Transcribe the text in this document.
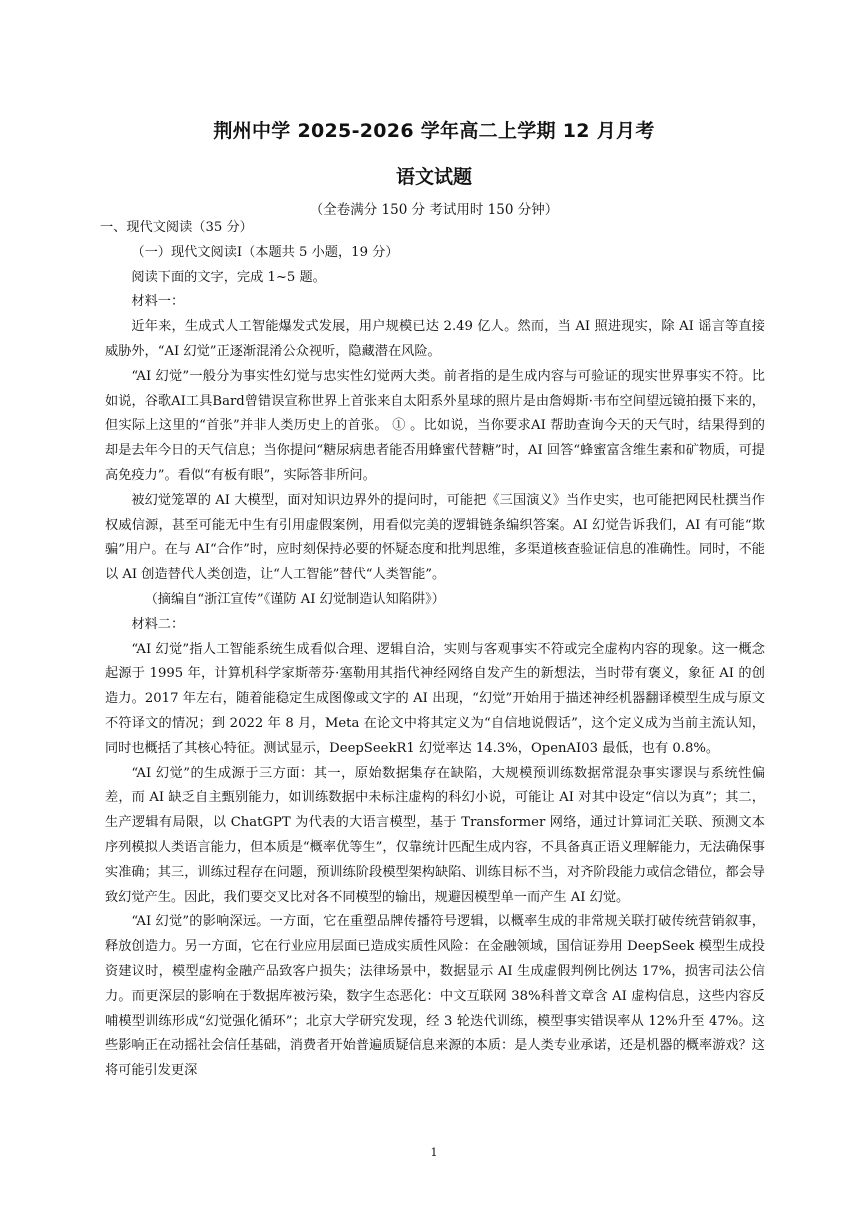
荆州中学 2025-2026 学年高二上学期 12 月月考
语文试题
（全卷满分 150 分 考试用时 150 分钟）

一、现代文阅读（35 分）

（一）现代文阅读Ⅰ（本题共 5 小题，19 分）

阅读下面的文字，完成 1~5 题。

材料一：

近年来，生成式人工智能爆发式发展，用户规模已达 2.49 亿人。然而，当 AI 照进现实，除 AI 谣言等直接威胁外，“AI 幻觉”正逐渐混淆公众视听，隐藏潜在风险。

“AI 幻觉”一般分为事实性幻觉与忠实性幻觉两大类。前者指的是生成内容与可验证的现实世界事实不符。比如说，谷歌AI工具Bard曾错误宣称世界上首张来自太阳系外星球的照片是由詹姆斯·韦布空间望远镜拍摄下来的，但实际上这里的“首张”并非人类历史上的首张。 ① 。比如说，当你要求AI 帮助查询今天的天气时，结果得到的却是去年今日的天气信息；当你提问“糖尿病患者能否用蜂蜜代替糖”时，AI 回答“蜂蜜富含维生素和矿物质，可提高免疫力”。看似“有板有眼”，实际答非所问。

被幻觉笼罩的 AI 大模型，面对知识边界外的提问时，可能把《三国演义》当作史实，也可能把网民杜撰当作权威信源，甚至可能无中生有引用虚假案例，用看似完美的逻辑链条编织答案。AI 幻觉告诉我们，AI 有可能“欺骗”用户。在与 AI“合作”时，应时刻保持必要的怀疑态度和批判思维，多渠道核查验证信息的准确性。同时，不能以 AI 创造替代人类创造，让“人工智能”替代“人类智能”。

（摘编自“浙江宣传”《谨防 AI 幻觉制造认知陷阱》）

材料二：

“AI 幻觉”指人工智能系统生成看似合理、逻辑自洽，实则与客观事实不符或完全虚构内容的现象。这一概念起源于 1995 年，计算机科学家斯蒂芬·塞勒用其指代神经网络自发产生的新想法，当时带有褒义，象征 AI 的创造力。2017 年左右，随着能稳定生成图像或文字的 AI 出现，“幻觉”开始用于描述神经机器翻译模型生成与原文不符译文的情况；到 2022 年 8 月，Meta 在论文中将其定义为“自信地说假话”，这个定义成为当前主流认知，同时也概括了其核心特征。测试显示，DeepSeekR1 幻觉率达 14.3%，OpenAI03 最低，也有 0.8%。

“AI 幻觉”的生成源于三方面：其一，原始数据集存在缺陷，大规模预训练数据常混杂事实谬误与系统性偏差，而 AI 缺乏自主甄别能力，如训练数据中未标注虚构的科幻小说，可能让 AI 对其中设定“信以为真”；其二，生产逻辑有局限，以 ChatGPT 为代表的大语言模型，基于 Transformer 网络，通过计算词汇关联、预测文本序列模拟人类语言能力，但本质是“概率优等生”，仅靠统计匹配生成内容，不具备真正语义理解能力，无法确保事实准确；其三，训练过程存在问题，预训练阶段模型架构缺陷、训练目标不当，对齐阶段能力或信念错位，都会导致幻觉产生。因此，我们要交叉比对各不同模型的输出，规避因模型单一而产生 AI 幻觉。

“AI 幻觉”的影响深远。一方面，它在重塑品牌传播符号逻辑，以概率生成的非常规关联打破传统营销叙事，释放创造力。另一方面，它在行业应用层面已造成实质性风险：在金融领域，国信证券用 DeepSeek 模型生成投资建议时，模型虚构金融产品致客户损失；法律场景中，数据显示 AI 生成虚假判例比例达 17%，损害司法公信力。而更深层的影响在于数据库被污染，数字生态恶化：中文互联网 38%科普文章含 AI 虚构信息，这些内容反哺模型训练形成“幻觉强化循环”；北京大学研究发现，经 3 轮迭代训练，模型事实错误率从 12%升至 47%。这些影响正在动摇社会信任基础，消费者开始普遍质疑信息来源的本质：是人类专业承诺，还是机器的概率游戏？这将可能引发更深

1
